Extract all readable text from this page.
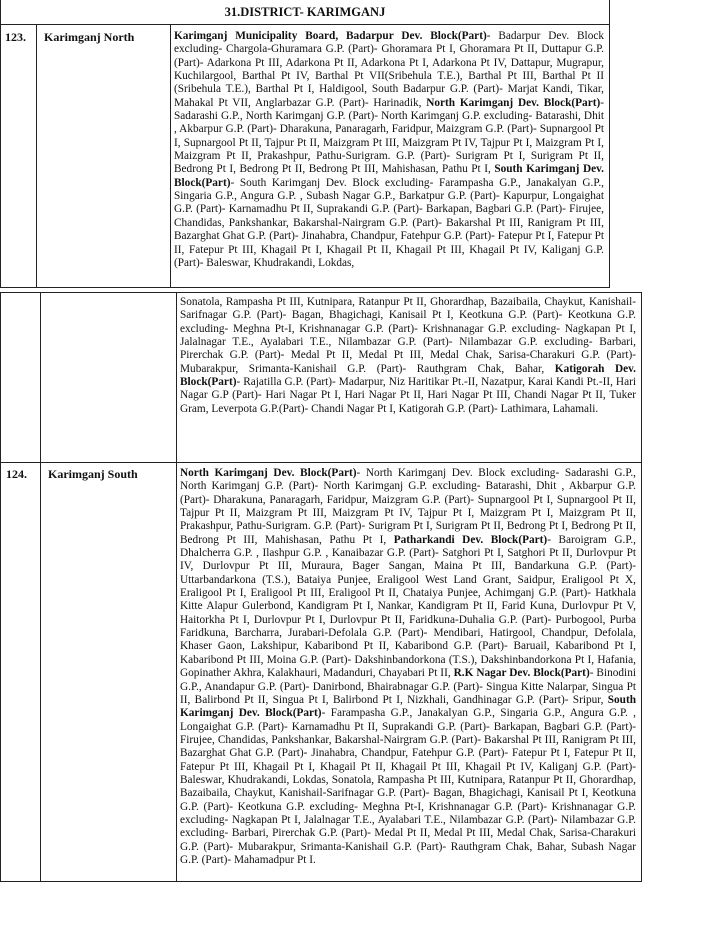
31.DISTRICT- KARIMGANJ
123. Karimganj North	Karimganj Municipality Board, Badarpur Dev. Block(Part)- Badarpur Dev. Block excluding- Chargola-Ghuramara G.P. (Part)- Ghoramara Pt I, Ghoramara Pt II, Duttapur G.P. (Part)- Adarkona Pt III, Adarkona Pt II, Adarkona Pt I, Adarkona Pt IV, Dattapur, Mugrapur, Kuchilargool, Barthal Pt IV, Barthal Pt VII(Sribehula T.E.), Barthal Pt III, Barthal Pt II (Sribehula T.E.), Barthal Pt I, Haldigool, South Badarpur G.P. (Part)- Marjat Kandi, Tikar, Mahakal Pt VII, Anglarbazar G.P. (Part)- Harinadik, North Karimganj Dev. Block(Part)- Sadarashi G.P., North Karimganj G.P. (Part)- North Karimganj G.P. excluding- Batarashi, Dhit , Akbarpur G.P. (Part)- Dharakuna, Panaragarh, Faridpur, Maizgram G.P. (Part)- Supnargool Pt I, Supnargool Pt II, Tajpur Pt II, Maizgram Pt III, Maizgram Pt IV, Tajpur Pt I, Maizgram Pt I, Maizgram Pt II, Prakashpur, Pathu-Surigram. G.P. (Part)- Surigram Pt I, Surigram Pt II, Bedrong Pt I, Bedrong Pt II, Bedrong Pt III, Mahishasan, Pathu Pt I, South Karimganj Dev. Block(Part)- South Karimganj Dev. Block excluding- Farampasha G.P., Janakalyan G.P., Singaria G.P., Angura G.P. , Subash Nagar G.P., Barkatpur G.P. (Part)- Kapurpur, Longaighat G.P. (Part)- Karnamadhu Pt II, Suprakandi G.P. (Part)- Barkapan, Bagbari G.P. (Part)- Firujee, Chandidas, Pankshankar, Bakarshal-Nairgram G.P. (Part)- Bakarshal Pt III, Ranigram Pt III, Bazarghat Ghat G.P. (Part)- Jinahabra, Chandpur, Fatehpur G.P. (Part)- Fatepur Pt I, Fatepur Pt II, Fatepur Pt III, Khagail Pt I, Khagail Pt II, Khagail Pt III, Khagail Pt IV, Kaliganj G.P. (Part)- Baleswar, Khudrakandi, Lokdas,
Sonatola, Rampasha Pt III, Kutnipara, Ratanpur Pt II, Ghorardhap, Bazaibaila, Chaykut, Kanishail-Sarifnagar G.P. (Part)- Bagan, Bhagichagi, Kanisail Pt I, Keotkuna G.P. (Part)- Keotkuna G.P. excluding- Meghna Pt-I, Krishnanagar G.P. (Part)- Krishnanagar G.P. excluding- Nagkapan Pt I, Jalalnagar T.E., Ayalabari T.E., Nilambazar G.P. (Part)- Nilambazar G.P. excluding- Barbari, Pirerchak G.P. (Part)- Medal Pt II, Medal Pt III, Medal Chak, Sarisa-Charakuri G.P. (Part)- Mubarakpur, Srimanta-Kanishail G.P. (Part)- Rauthgram Chak, Bahar, Katigorah Dev. Block(Part)- Rajatilla G.P. (Part)- Madarpur, Niz Haritikar Pt.-II, Nazatpur, Karai Kandi Pt.-II, Hari Nagar G.P (Part)- Hari Nagar Pt I, Hari Nagar Pt II, Hari Nagar Pt III, Chandi Nagar Pt II, Tuker Gram, Leverpota G.P.(Part)- Chandi Nagar Pt I, Katigorah G.P. (Part)- Lathimara, Lahamali.
124. Karimganj South	North Karimganj Dev. Block(Part)- North Karimganj Dev. Block excluding- Sadarashi G.P., North Karimganj G.P. (Part)- North Karimganj G.P. excluding- Batarashi, Dhit , Akbarpur G.P. (Part)- Dharakuna, Panaragarh, Faridpur, Maizgram G.P. (Part)- Supnargool Pt I, Supnargool Pt II, Tajpur Pt II, Maizgram Pt III, Maizgram Pt IV, Tajpur Pt I, Maizgram Pt I, Maizgram Pt II, Prakashpur, Pathu-Surigram. G.P. (Part)- Surigram Pt I, Surigram Pt II, Bedrong Pt I, Bedrong Pt II, Bedrong Pt III, Mahishasan, Pathu Pt I, Patharkandi Dev. Block(Part)- Baroigram G.P., Dhalcherra G.P. , Ilashpur G.P. , Kanaibazar G.P. (Part)- Satghori Pt I, Satghori Pt II, Durlovpur Pt IV, Durlovpur Pt III, Muraura, Bager Sangan, Maina Pt III, Bandarkuna G.P. (Part)- Uttarbandarkona (T.S.), Bataiya Punjee, Eraligool West Land Grant, Saidpur, Eraligool Pt X, Eraligool Pt I, Eraligool Pt III, Eraligool Pt II, Chataiya Punjee, Achimganj G.P. (Part)- Hatkhala Kitte Alapur Gulerbond, Kandigram Pt I, Nankar, Kandigram Pt II, Farid Kuna, Durlovpur Pt V, Haitorkha Pt I, Durlovpur Pt I, Durlovpur Pt II, Faridkuna-Duhalia G.P. (Part)- Purbogool, Purba Faridkuna, Barcharra, Jurabari-Defolala G.P. (Part)- Mendibari, Hatirgool, Chandpur, Defolala, Khaser Gaon, Lakshipur, Kabaribond Pt II, Kabaribond G.P. (Part)- Baruail, Kabaribond Pt I, Kabaribond Pt III, Moina G.P. (Part)- Dakshinbandorkona (T.S.), Dakshinbandorkona Pt I, Hafania, Gopinather Akhra, Kalakhauri, Madanduri, Chayabari Pt II, R.K Nagar Dev. Block(Part)- Binodini G.P., Anandapur G.P. (Part)- Danirbond, Bhairabnagar G.P. (Part)- Singua Kitte Nalarpar, Singua Pt II, Balirbond Pt II, Singua Pt I, Balirbond Pt I, Nizkhali, Gandhinagar G.P. (Part)- Sripur, South Karimganj Dev. Block(Part)- Farampasha G.P., Janakalyan G.P., Singaria G.P., Angura G.P. , Longaighat G.P. (Part)- Karnamadhu Pt II, Suprakandi G.P. (Part)- Barkapan, Bagbari G.P. (Part)- Firujee, Chandidas, Pankshankar, Bakarshal-Nairgram G.P. (Part)- Bakarshal Pt III, Ranigram Pt III, Bazarghat Ghat G.P. (Part)- Jinahabra, Chandpur, Fatehpur G.P. (Part)- Fatepur Pt I, Fatepur Pt II, Fatepur Pt III, Khagail Pt I, Khagail Pt II, Khagail Pt III, Khagail Pt IV, Kaliganj G.P. (Part)- Baleswar, Khudrakandi, Lokdas, Sonatola, Rampasha Pt III, Kutnipara, Ratanpur Pt II, Ghorardhap, Bazaibaila, Chaykut, Kanishail-Sarifnagar G.P. (Part)- Bagan, Bhagichagi, Kanisail Pt I, Keotkuna G.P. (Part)- Keotkuna G.P. excluding- Meghna Pt-I, Krishnanagar G.P. (Part)- Krishnanagar G.P. excluding- Nagkapan Pt I, Jalalnagar T.E., Ayalabari T.E., Nilambazar G.P. (Part)- Nilambazar G.P. excluding- Barbari, Pirerchak G.P. (Part)- Medal Pt II, Medal Pt III, Medal Chak, Sarisa-Charakuri G.P. (Part)- Mubarakpur, Srimanta-Kanishail G.P. (Part)- Rauthgram Chak, Bahar, Subash Nagar G.P. (Part)- Mahamadpur Pt I.
